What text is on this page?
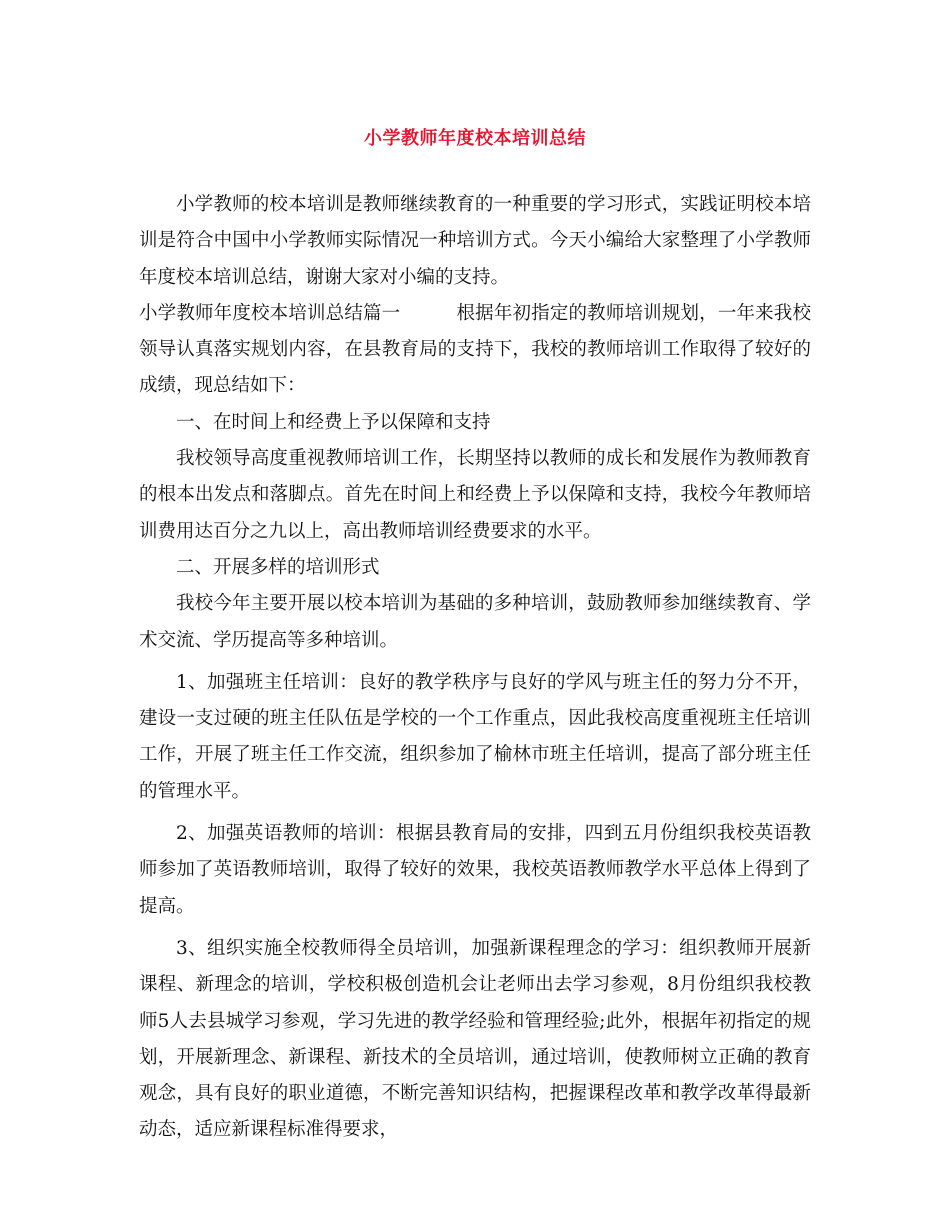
小学教师年度校本培训总结

小学教师的校本培训是教师继续教育的一种重要的学习形式，实践证明校本培训是符合中国中小学教师实际情况一种培训方式。今天小编给大家整理了小学教师年度校本培训总结，谢谢大家对小编的支持。

小学教师年度校本培训总结篇一	根据年初指定的教师培训规划，一年来我校领导认真落实规划内容，在县教育局的支持下，我校的教师培训工作取得了较好的成绩，现总结如下：

一、在时间上和经费上予以保障和支持

我校领导高度重视教师培训工作，长期坚持以教师的成长和发展作为教师教育的根本出发点和落脚点。首先在时间上和经费上予以保障和支持，我校今年教师培训费用达百分之九以上，高出教师培训经费要求的水平。

二、开展多样的培训形式

我校今年主要开展以校本培训为基础的多种培训，鼓励教师参加继续教育、学术交流、学历提高等多种培训。

1、加强班主任培训：良好的教学秩序与良好的学风与班主任的努力分不开，建设一支过硬的班主任队伍是学校的一个工作重点，因此我校高度重视班主任培训工作，开展了班主任工作交流，组织参加了榆林市班主任培训，提高了部分班主任的管理水平。

2、加强英语教师的培训：根据县教育局的安排，四到五月份组织我校英语教师参加了英语教师培训，取得了较好的效果，我校英语教师教学水平总体上得到了提高。

3、组织实施全校教师得全员培训，加强新课程理念的学习：组织教师开展新课程、新理念的培训，学校积极创造机会让老师出去学习参观，8月份组织我校教师5人去县城学习参观，学习先进的教学经验和管理经验;此外，根据年初指定的规划，开展新理念、新课程、新技术的全员培训，通过培训，使教师树立正确的教育观念，具有良好的职业道德，不断完善知识结构，把握课程改革和教学改革得最新动态，适应新课程标准得要求，
